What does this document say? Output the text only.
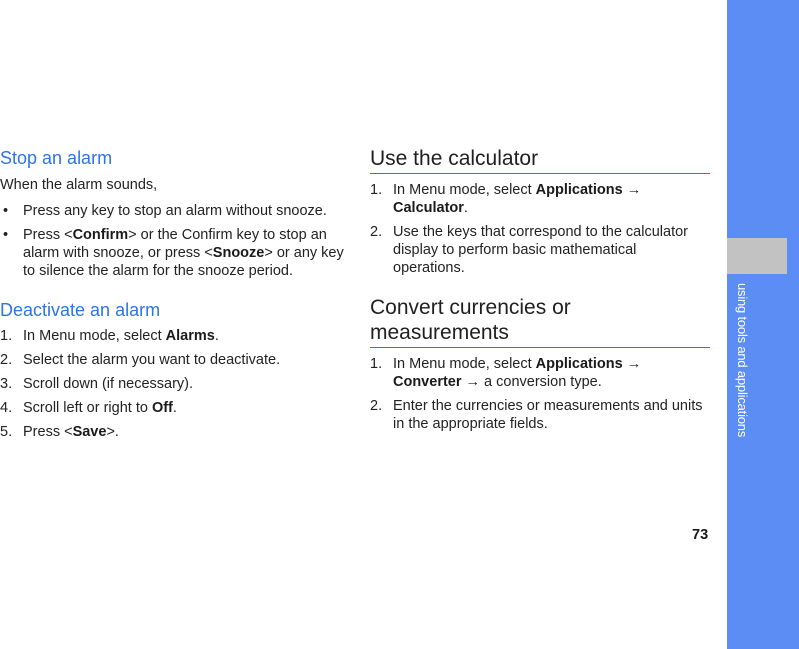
using tools and applications
Stop an alarm

When the alarm sounds,

• Press any key to stop an alarm without snooze.
• Press <Confirm> or the Confirm key to stop an alarm with snooze, or press <Snooze> or any key to silence the alarm for the snooze period.
Deactivate an alarm
1. In Menu mode, select Alarms.
2. Select the alarm you want to deactivate.
3. Scroll down (if necessary).
4. Scroll left or right to Off.
5. Press <Save>.
Use the calculator
1. In Menu mode, select Applications → Calculator.
2. Use the keys that correspond to the calculator display to perform basic mathematical operations.
Convert currencies or measurements
1. In Menu mode, select Applications → Converter → a conversion type.
2. Enter the currencies or measurements and units in the appropriate fields.
73
